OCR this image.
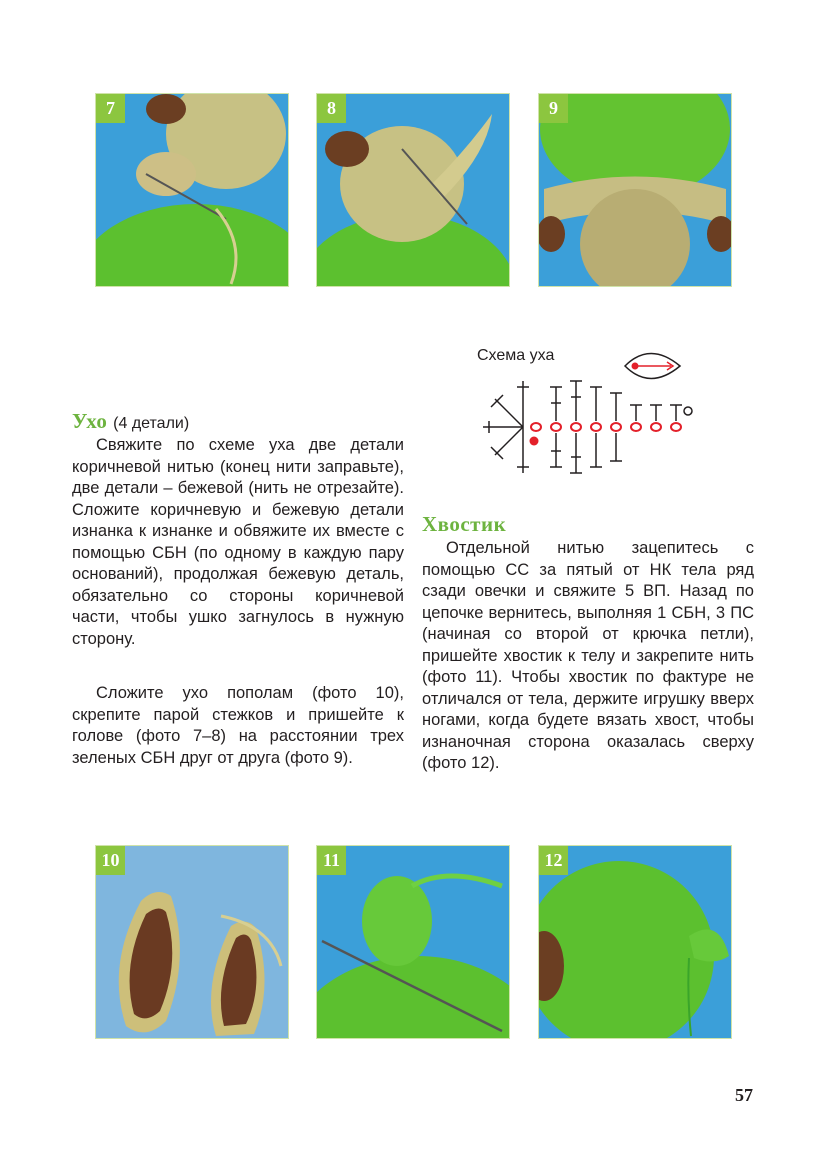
7	8	9
Схема уха
Ухо (4 детали)

Свяжите по схеме уха две детали коричневой нитью (конец нити заправьте), две детали – бежевой (нить не отрезайте). Сложите коричневую и бежевую детали изнанка к изнанке и обвяжите их вместе с помощью СБН (по одному в каждую пару оснований), продолжая бежевую деталь, обязательно со стороны коричневой части, чтобы ушко загнулось в нужную сторону.

Сложите ухо пополам (фото 10), скрепите парой стежков и пришейте к голове (фото 7–8) на расстоянии трех зеленых СБН друг от друга (фото 9).

Хвостик

Отдельной нитью зацепитесь с помощью СС за пятый от НК тела ряд сзади овечки и свяжите 5 ВП. Назад по цепочке вернитесь, выполняя 1 СБН, 3 ПС (начиная со второй от крючка петли), пришейте хвостик к телу и закрепите нить (фото 11). Чтобы хвостик по фактуре не отличался от тела, держите игрушку вверх ногами, когда будете вязать хвост, чтобы изнаночная сторона оказалась сверху (фото 12).

10	11	12
57
